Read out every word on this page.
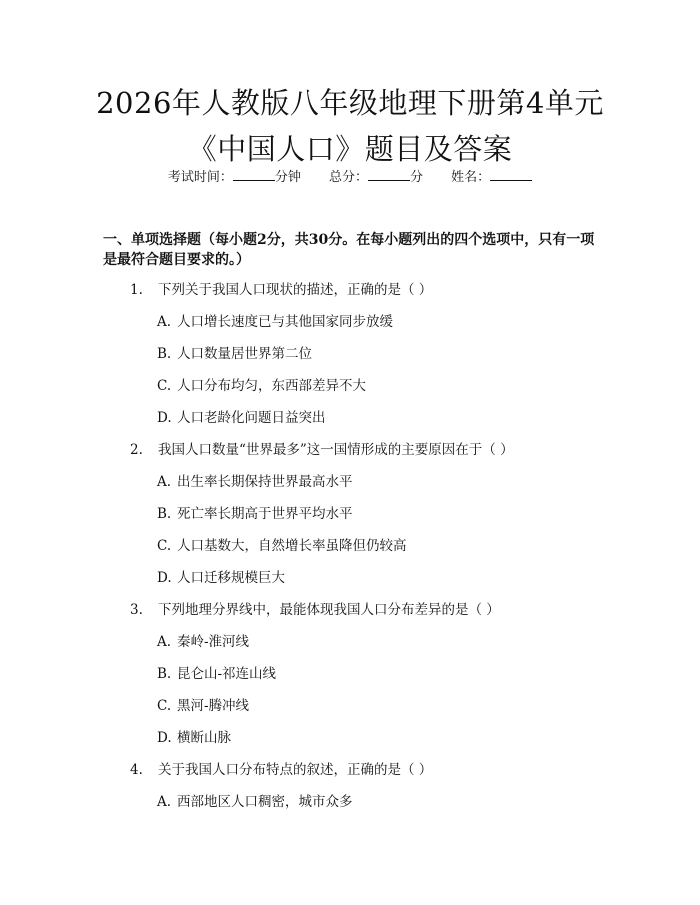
2026年人教版八年级地理下册第4单元《中国人口》题目及答案
考试时间：	分钟 总分：	分 姓名：
一、单项选择题（每小题2分，共30分。在每小题列出的四个选项中，只有一项是最符合题目要求的。）
1. 下列关于我国人口现状的描述，正确的是（ ）
A. 人口增长速度已与其他国家同步放缓
B. 人口数量居世界第二位
C. 人口分布均匀，东西部差异不大
D. 人口老龄化问题日益突出
2. 我国人口数量“世界最多”这一国情形成的主要原因在于（ ）
A. 出生率长期保持世界最高水平
B. 死亡率长期高于世界平均水平
C. 人口基数大，自然增长率虽降但仍较高
D. 人口迁移规模巨大
3. 下列地理分界线中，最能体现我国人口分布差异的是（ ）
A. 秦岭-淮河线
B. 昆仑山-祁连山线
C. 黑河-腾冲线
D. 横断山脉
4. 关于我国人口分布特点的叙述，正确的是（ ）
A. 西部地区人口稠密，城市众多
